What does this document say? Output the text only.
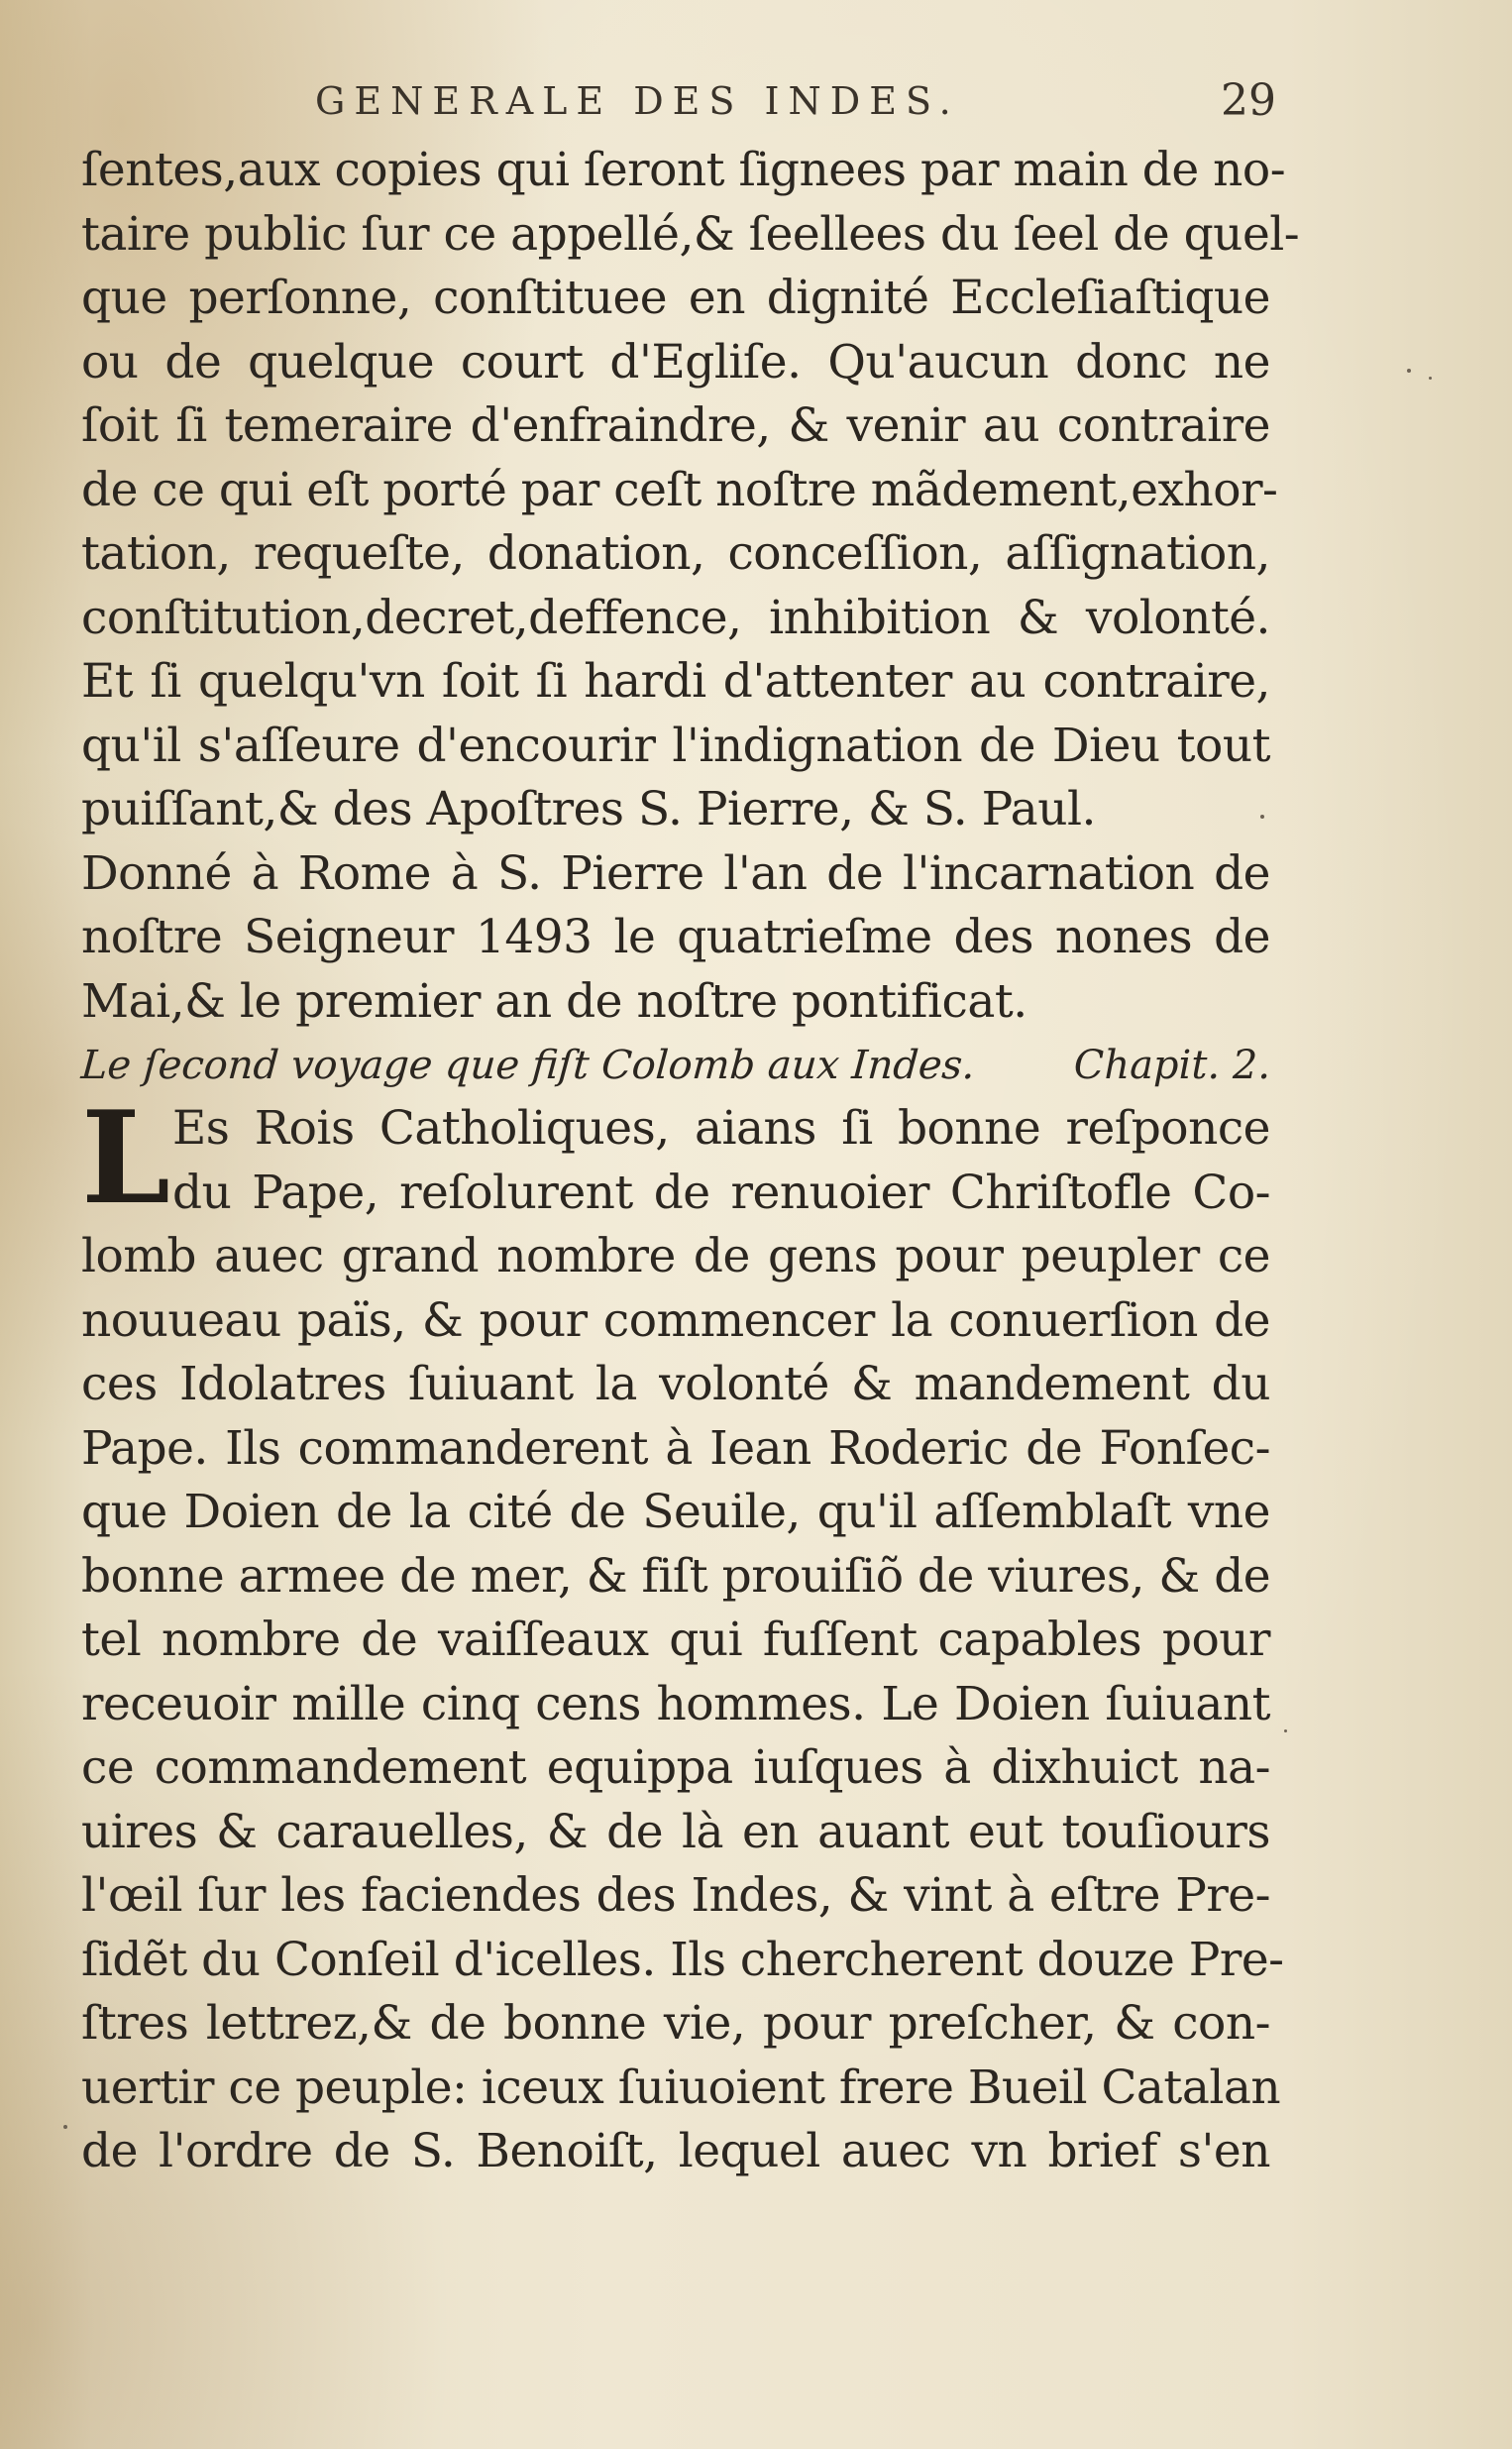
GENERALE DES INDES.	29
ſentes,aux copies qui ſeront ſignees par main de no-
taire public ſur ce appellé,& ſeellees du ſeel de quel-
que perſonne, conſtituee en dignité Eccleſiaſtique
ou de quelque court d'Egliſe. Qu'aucun donc ne
ſoit ſi temeraire d'enfraindre, & venir au contraire
de ce qui eſt porté par ceſt noſtre mãdement,exhor-
tation, requeſte, donation, conceſſion, aſſignation,
conſtitution,decret,deffence, inhibition & volonté.
Et ſi quelqu'vn ſoit ſi hardi d'attenter au contraire,
qu'il s'aſſeure d'encourir l'indignation de Dieu tout
puiſſant,& des Apoſtres S. Pierre, & S. Paul.
Donné à Rome à S. Pierre l'an de l'incarnation de
noſtre Seigneur 1493 le quatrieſme des nones de
Mai,& le premier an de noſtre pontificat.
Le ſecond voyage que fiſt Colomb aux Indes. Chapit. 2.
L Es Rois Catholiques, aians ſi bonne reſponce
du Pape, reſolurent de renuoier Chriſtofle Co-
lomb auec grand nombre de gens pour peupler ce
nouueau païs, & pour commencer la conuerſion de
ces Idolatres ſuiuant la volonté & mandement du
Pape. Ils commanderent à Iean Roderic de Fonſec-
que Doien de la cité de Seuile, qu'il aſſemblaſt vne
bonne armee de mer, & fiſt prouiſiõ de viures, & de
tel nombre de vaiſſeaux qui fuſſent capables pour
receuoir mille cinq cens hommes. Le Doien ſuiuant
ce commandement equippa iuſques à dixhuict na-
uires & carauelles, & de là en auant eut touſiours
l'œil ſur les faciendes des Indes, & vint à eſtre Pre-
ſidẽt du Conſeil d'icelles. Ils chercherent douze Pre-
ſtres lettrez,& de bonne vie, pour preſcher, & con-
uertir ce peuple: iceux ſuiuoient frere Bueil Catalan
de l'ordre de S. Benoiſt, lequel auec vn brief s'en
